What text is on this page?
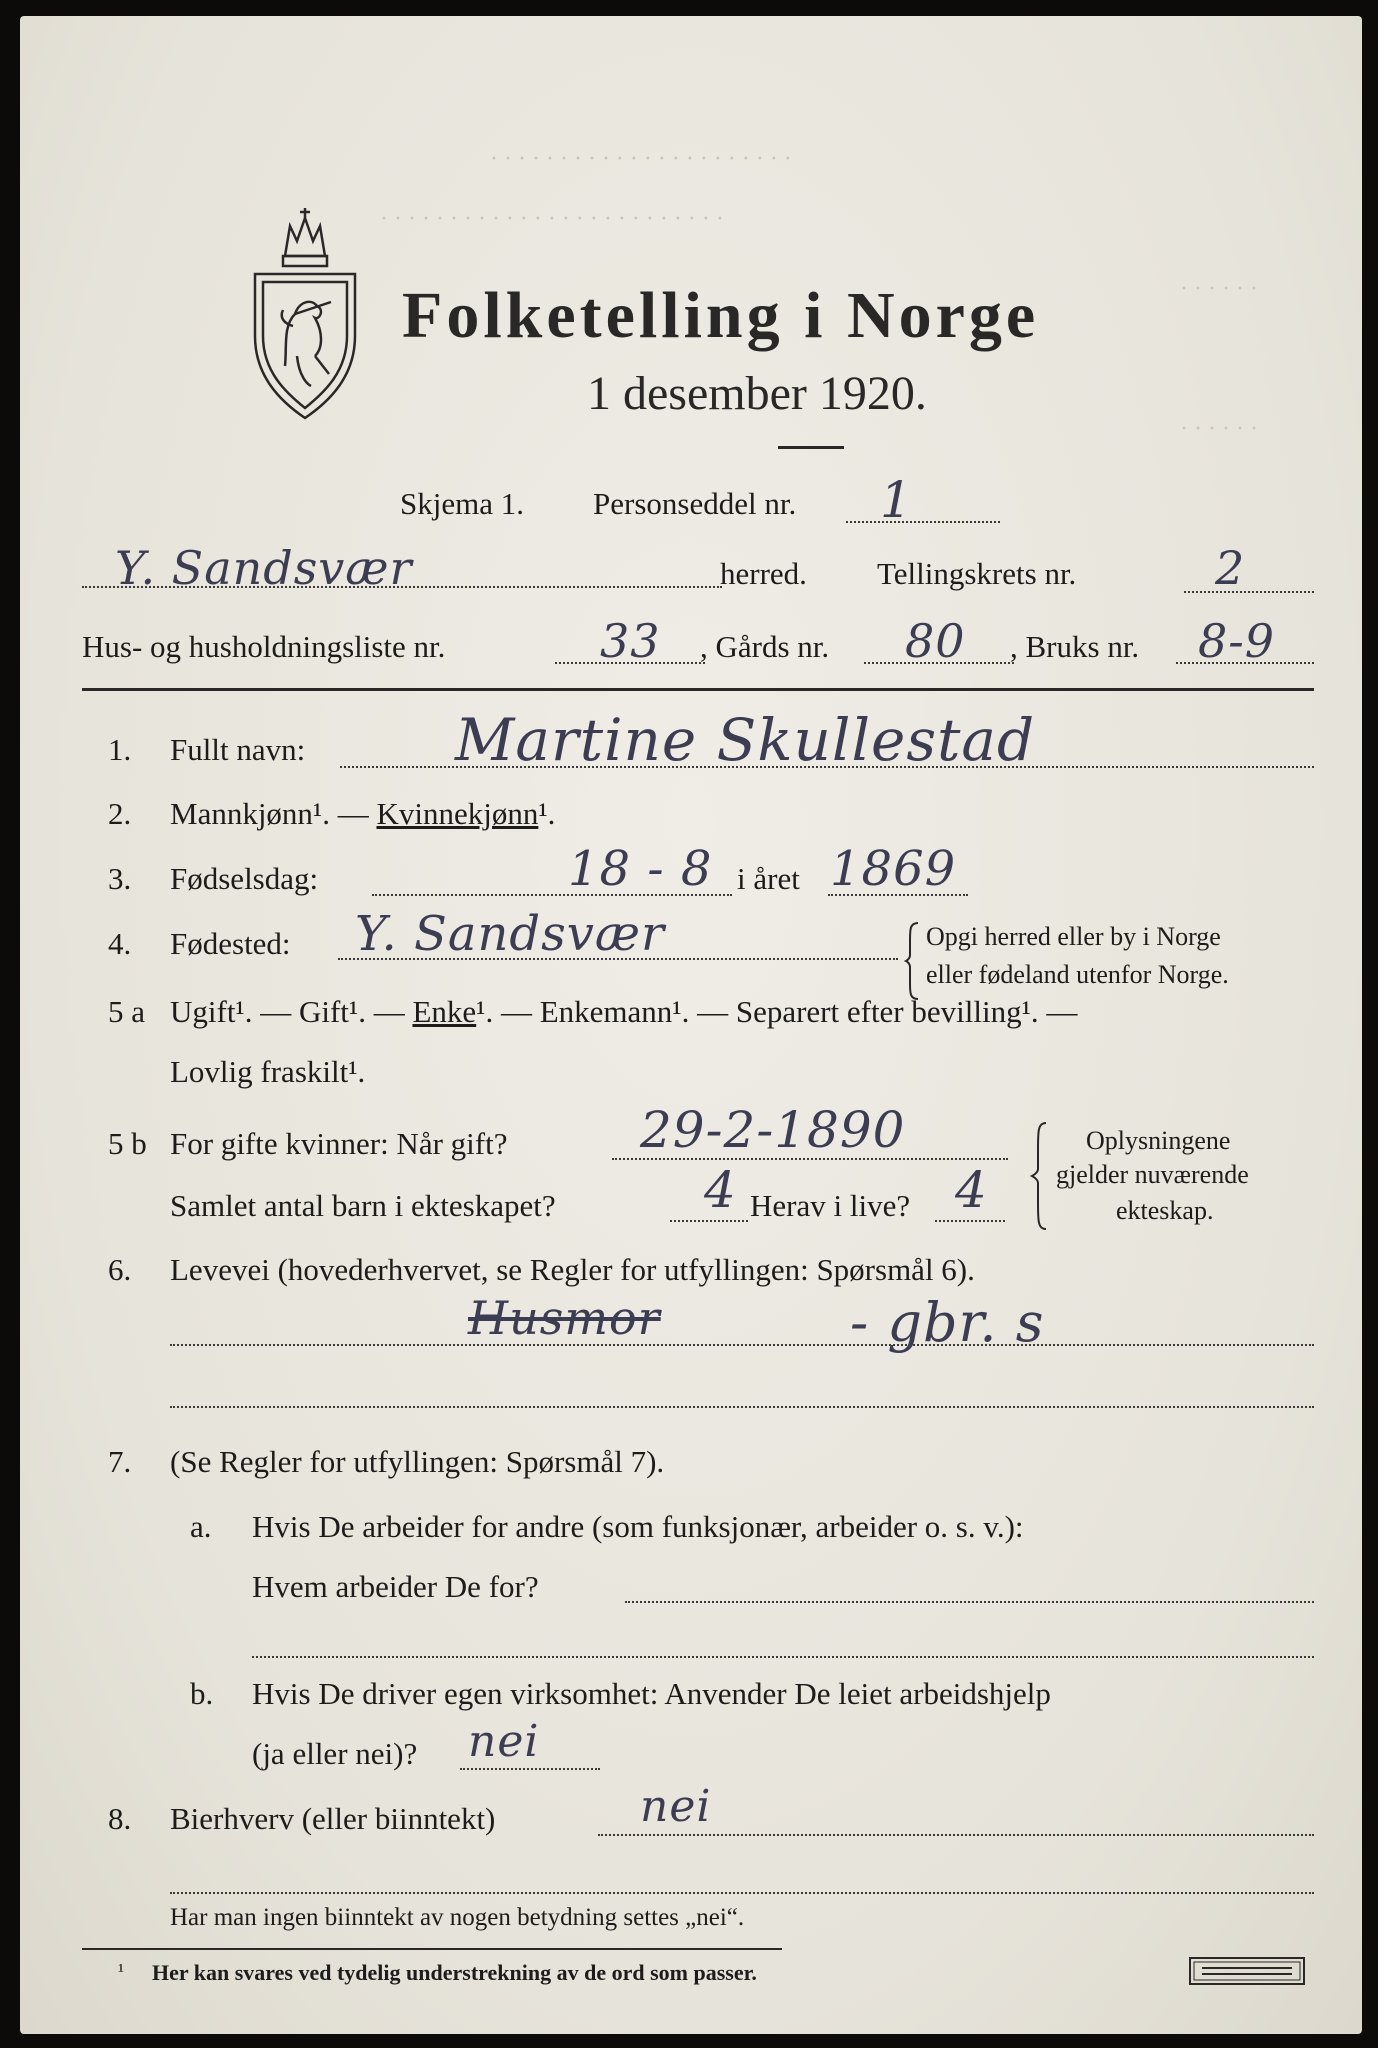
· · · · · · · · · · · · · · · · · · · · · ·
· · · · · · · · · · · · · · · · · · · · · · · · ·
· · · · · ·
· · · · · ·
Folketelling i Norge
1 desember 1920.
Skjema 1. Personseddel nr. 1
Y. Sandsvær	herred. Tellingskrets nr.	2
Hus- og husholdningsliste nr.	33 , Gårds nr. 80 , Bruks nr. 8-9
1. Fullt navn:	Martine Skullestad
2. Mannkjønn¹. — Kvinnekjønn¹.
3. Fødselsdag:	18 - 8 i året 1869
4. Fødested: Y. Sandsvær	Opgi herred eller by i Norge
eller fødeland utenfor Norge.
5 a Ugift¹. — Gift¹. — Enke¹. — Enkemann¹. — Separert efter bevilling¹. —
Lovlig fraskilt¹.
5 b For gifte kvinner: Når gift?	29-2-1890
Samlet antal barn i ekteskapet?	4 Herav i live? 4
Oplysningene
gjelder nuværende
ekteskap.
6. Levevei (hovederhvervet, se Regler for utfyllingen: Spørsmål 6).
Husmor	- gbr. s
7. (Se Regler for utfyllingen: Spørsmål 7).
a. Hvis De arbeider for andre (som funksjonær, arbeider o. s. v.):
Hvem arbeider De for?
b. Hvis De driver egen virksomhet: Anvender De leiet arbeidshjelp
(ja eller nei)? nei
8. Bierhverv (eller biinntekt)	nei
Har man ingen biinntekt av nogen betydning settes „nei“.
¹ Her kan svares ved tydelig understrekning av de ord som passer.
